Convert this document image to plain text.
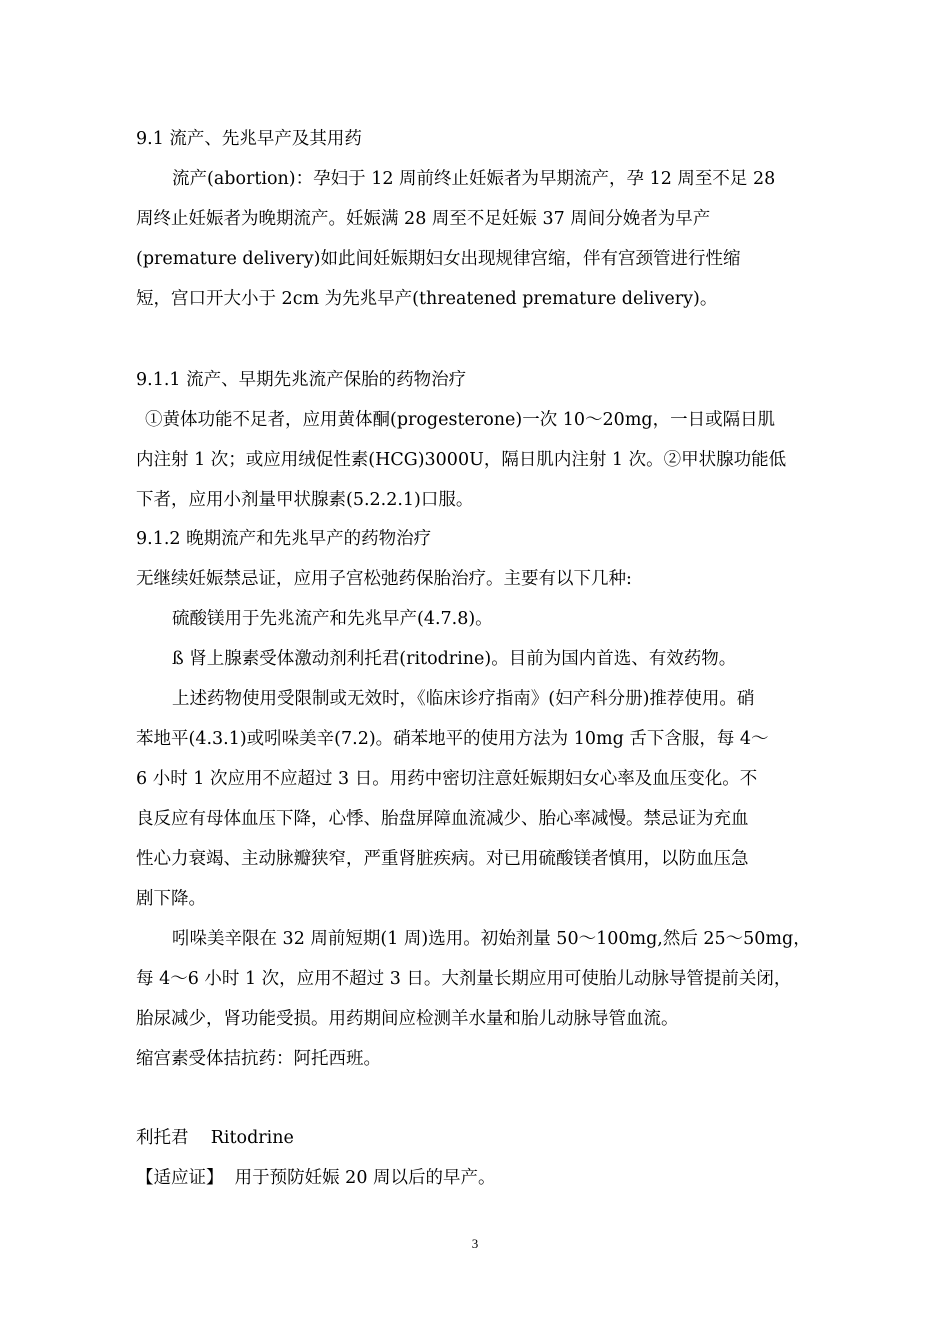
9.1 流产、先兆早产及其用药
流产(abortion)：孕妇于 12 周前终止妊娠者为早期流产，孕 12 周至不足 28
周终止妊娠者为晚期流产。妊娠满 28 周至不足妊娠 37 周间分娩者为早产
(premature delivery)如此间妊娠期妇女出现规律宫缩，伴有宫颈管进行性缩
短，宫口开大小于 2cm 为先兆早产(threatened premature delivery)。
9.1.1 流产、早期先兆流产保胎的药物治疗
①黄体功能不足者，应用黄体酮(progesterone)一次 10～20mg，一日或隔日肌
内注射 1 次；或应用绒促性素(HCG)3000U，隔日肌内注射 1 次。②甲状腺功能低
下者，应用小剂量甲状腺素(5.2.2.1)口服。
9.1.2 晚期流产和先兆早产的药物治疗
无继续妊娠禁忌证，应用子宫松弛药保胎治疗。主要有以下几种:
硫酸镁用于先兆流产和先兆早产(4.7.8)。
ß 肾上腺素受体激动剂利托君(ritodrine)。目前为国内首选、有效药物。
上述药物使用受限制或无效时，《临床诊疗指南》(妇产科分册)推荐使用。硝
苯地平(4.3.1)或吲哚美辛(7.2)。硝苯地平的使用方法为 10mg 舌下含服，每 4～
6 小时 1 次应用不应超过 3 日。用药中密切注意妊娠期妇女心率及血压变化。不
良反应有母体血压下降，心悸、胎盘屏障血流减少、胎心率减慢。禁忌证为充血
性心力衰竭、主动脉瓣狭窄，严重肾脏疾病。对已用硫酸镁者慎用，以防血压急
剧下降。
吲哚美辛限在 32 周前短期(1 周)选用。初始剂量 50～100mg,然后 25～50mg，
每 4～6 小时 1 次，应用不超过 3 日。大剂量长期应用可使胎儿动脉导管提前关闭，
胎尿减少，肾功能受损。用药期间应检测羊水量和胎儿动脉导管血流。
缩宫素受体拮抗药：阿托西班。
利托君    Ritodrine
【适应证】  用于预防妊娠 20 周以后的早产。
3
